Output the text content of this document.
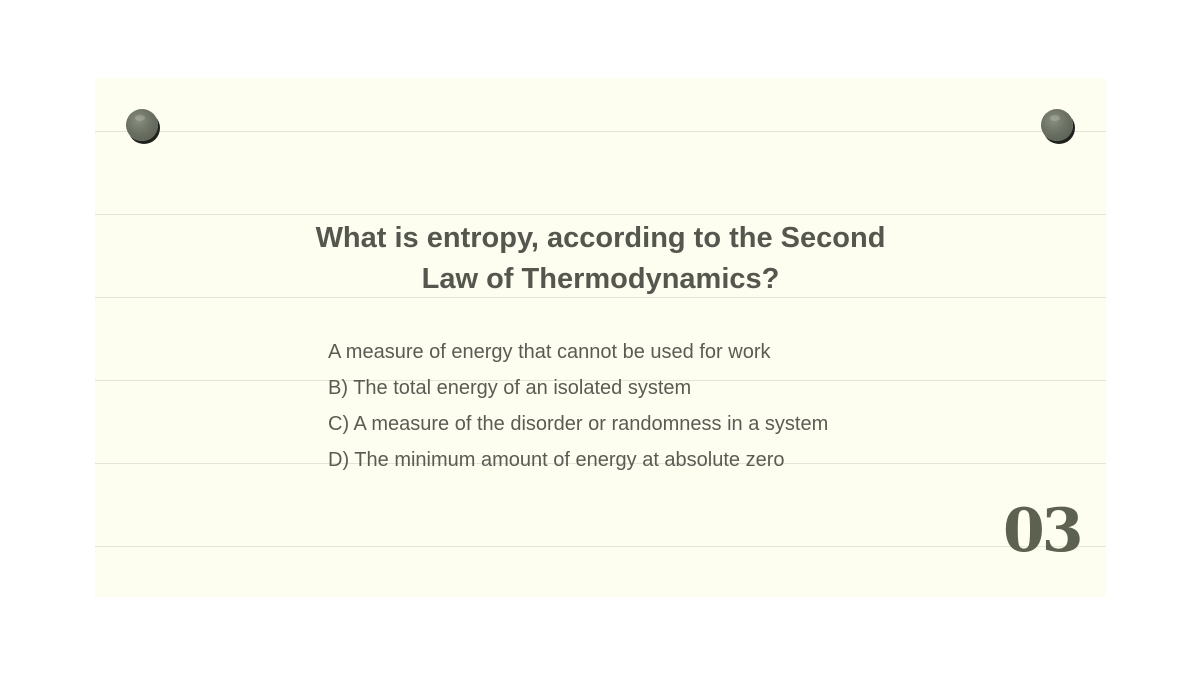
What is entropy, according to the Second
Law of Thermodynamics?
A measure of energy that cannot be used for work
B) The total energy of an isolated system
C) A measure of the disorder or randomness in a system
D) The minimum amount of energy at absolute zero
03
